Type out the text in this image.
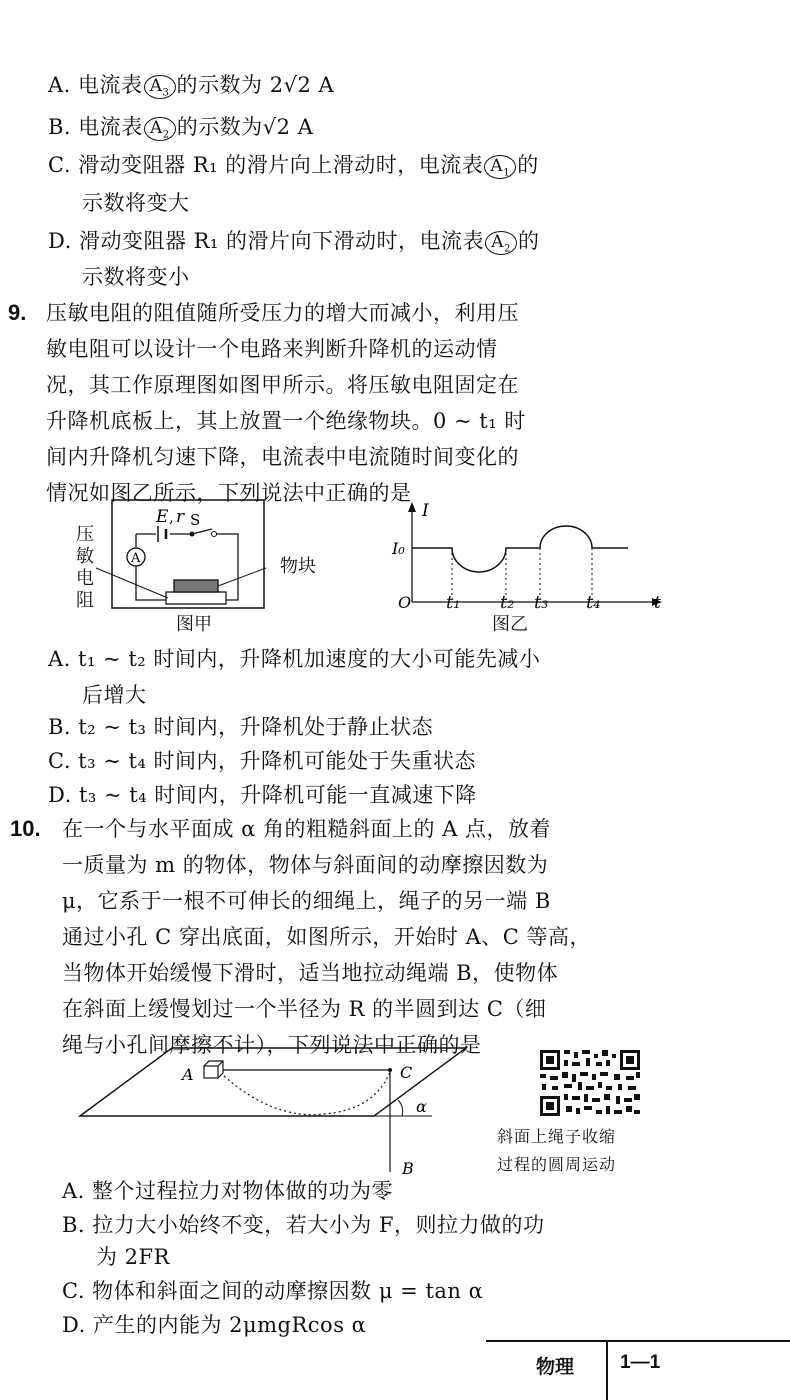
A. 电流表 $A_3$ 的示数为 2√2 A
B. 电流表 $A_2$ 的示数为√2 A
C. 滑动变阻器 R₁ 的滑片向上滑动时，电流表 $A_1$ 的
示数将变大
D. 滑动变阻器 R₁ 的滑片向下滑动时，电流表 $A_2$ 的
示数将变小
9. 压敏电阻的阻值随所受压力的增大而减小，利用压
敏电阻可以设计一个电路来判断升降机的运动情
况，其工作原理图如图甲所示。将压敏电阻固定在
升降机底板上，其上放置一个绝缘物块。0 ~ t₁ 时
间内升降机匀速下降，电流表中电流随时间变化的
情况如图乙所示，下列说法中正确的是
A
E , r S
压
敏
电
阻
物块
图甲
I
I₀
O	t
t₁ t₂ t₃ t₄
图乙
A. t₁ ~ t₂ 时间内，升降机加速度的大小可能先减小
后增大
B. t₂ ~ t₃ 时间内，升降机处于静止状态
C. t₃ ~ t₄ 时间内，升降机可能处于失重状态
D. t₃ ~ t₄ 时间内，升降机可能一直减速下降
10. 在一个与水平面成 α 角的粗糙斜面上的 A 点，放着
一质量为 m 的物体，物体与斜面间的动摩擦因数为
μ，它系于一根不可伸长的细绳上，绳子的另一端 B
通过小孔 C 穿出底面，如图所示，开始时 A、C 等高，
当物体开始缓慢下滑时，适当地拉动绳端 B，使物体
在斜面上缓慢划过一个半径为 R 的半圆到达 C（细
绳与小孔间摩擦不计），下列说法中正确的是
A	C
α
B
斜面上绳子收缩
过程的圆周运动
A. 整个过程拉力对物体做的功为零
B. 拉力大小始终不变，若大小为 F，则拉力做的功
为 2FR
C. 物体和斜面之间的动摩擦因数 μ = tan α
D. 产生的内能为 2μmgRcos α
物理 1—1
